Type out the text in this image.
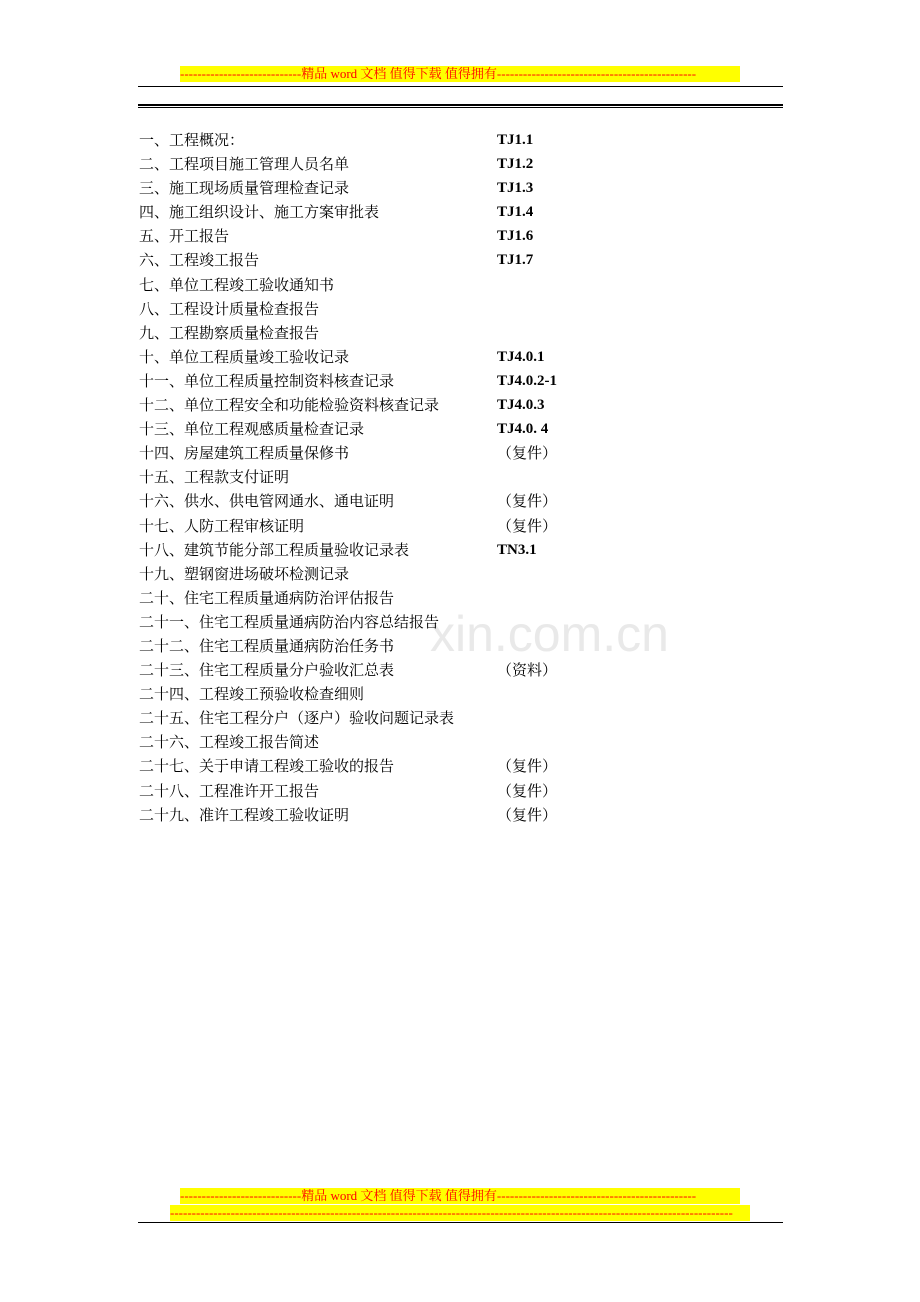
----------------------------精品 word 文档 值得下载 值得拥有----------------------------------------------
xin.com.cn
一、工程概况：	TJ1.1
二、工程项目施工管理人员名单	TJ1.2
三、施工现场质量管理检查记录	TJ1.3
四、施工组织设计、施工方案审批表	TJ1.4
五、开工报告	TJ1.6
六、工程竣工报告	TJ1.7
七、单位工程竣工验收通知书
八、工程设计质量检查报告
九、工程勘察质量检查报告
十、单位工程质量竣工验收记录	TJ4.0.1
十一、单位工程质量控制资料核查记录	TJ4.0.2-1
十二、单位工程安全和功能检验资料核查记录	TJ4.0.3
十三、单位工程观感质量检查记录	TJ4.0. 4
十四、房屋建筑工程质量保修书	（复件）
十五、工程款支付证明
十六、供水、供电管网通水、通电证明	（复件）
十七、人防工程审核证明	（复件）
十八、建筑节能分部工程质量验收记录表	TN3.1
十九、塑钢窗进场破坏检测记录
二十、住宅工程质量通病防治评估报告
二十一、住宅工程质量通病防治内容总结报告
二十二、住宅工程质量通病防治任务书
二十三、住宅工程质量分户验收汇总表	（资料）
二十四、工程竣工预验收检查细则
二十五、住宅工程分户（逐户）验收问题记录表
二十六、工程竣工报告简述
二十七、关于申请工程竣工验收的报告	（复件）
二十八、工程准许开工报告	（复件）
二十九、准许工程竣工验收证明	（复件）
----------------------------精品 word 文档 值得下载 值得拥有----------------------------------------------
----------------------------------------------------------------------------------------------------------------------------------
